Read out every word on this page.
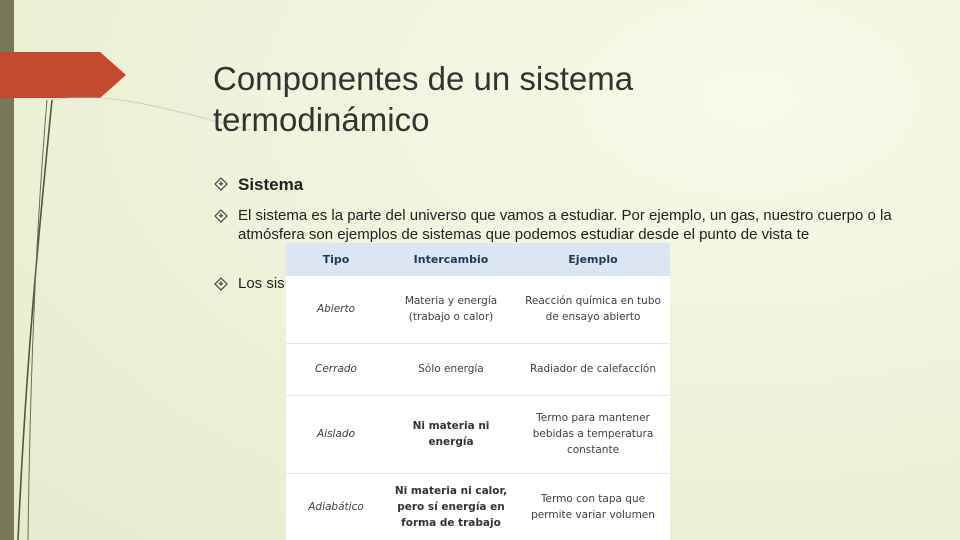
Componentes de un sistema
termodinámico
Sistema
El sistema es la parte del universo que vamos a estudiar. Por ejemplo, un gas, nuestro cuerpo o la atmósfera son ejemplos de sistemas que podemos estudiar desde el punto de vista te
Los sis
Tipo	Intercambio	Ejemplo
Abierto	Materia y energía (trabajo o calor)	Reacción química en tubo de ensayo abierto
Cerrado	Sólo energía	Radiador de calefacción
Aislado	Ni materia ni energía	Termo para mantener bebidas a temperatura constante
Adiabático	Ni materia ni calor, pero sí energía en forma de trabajo	Termo con tapa que permite variar volumen
